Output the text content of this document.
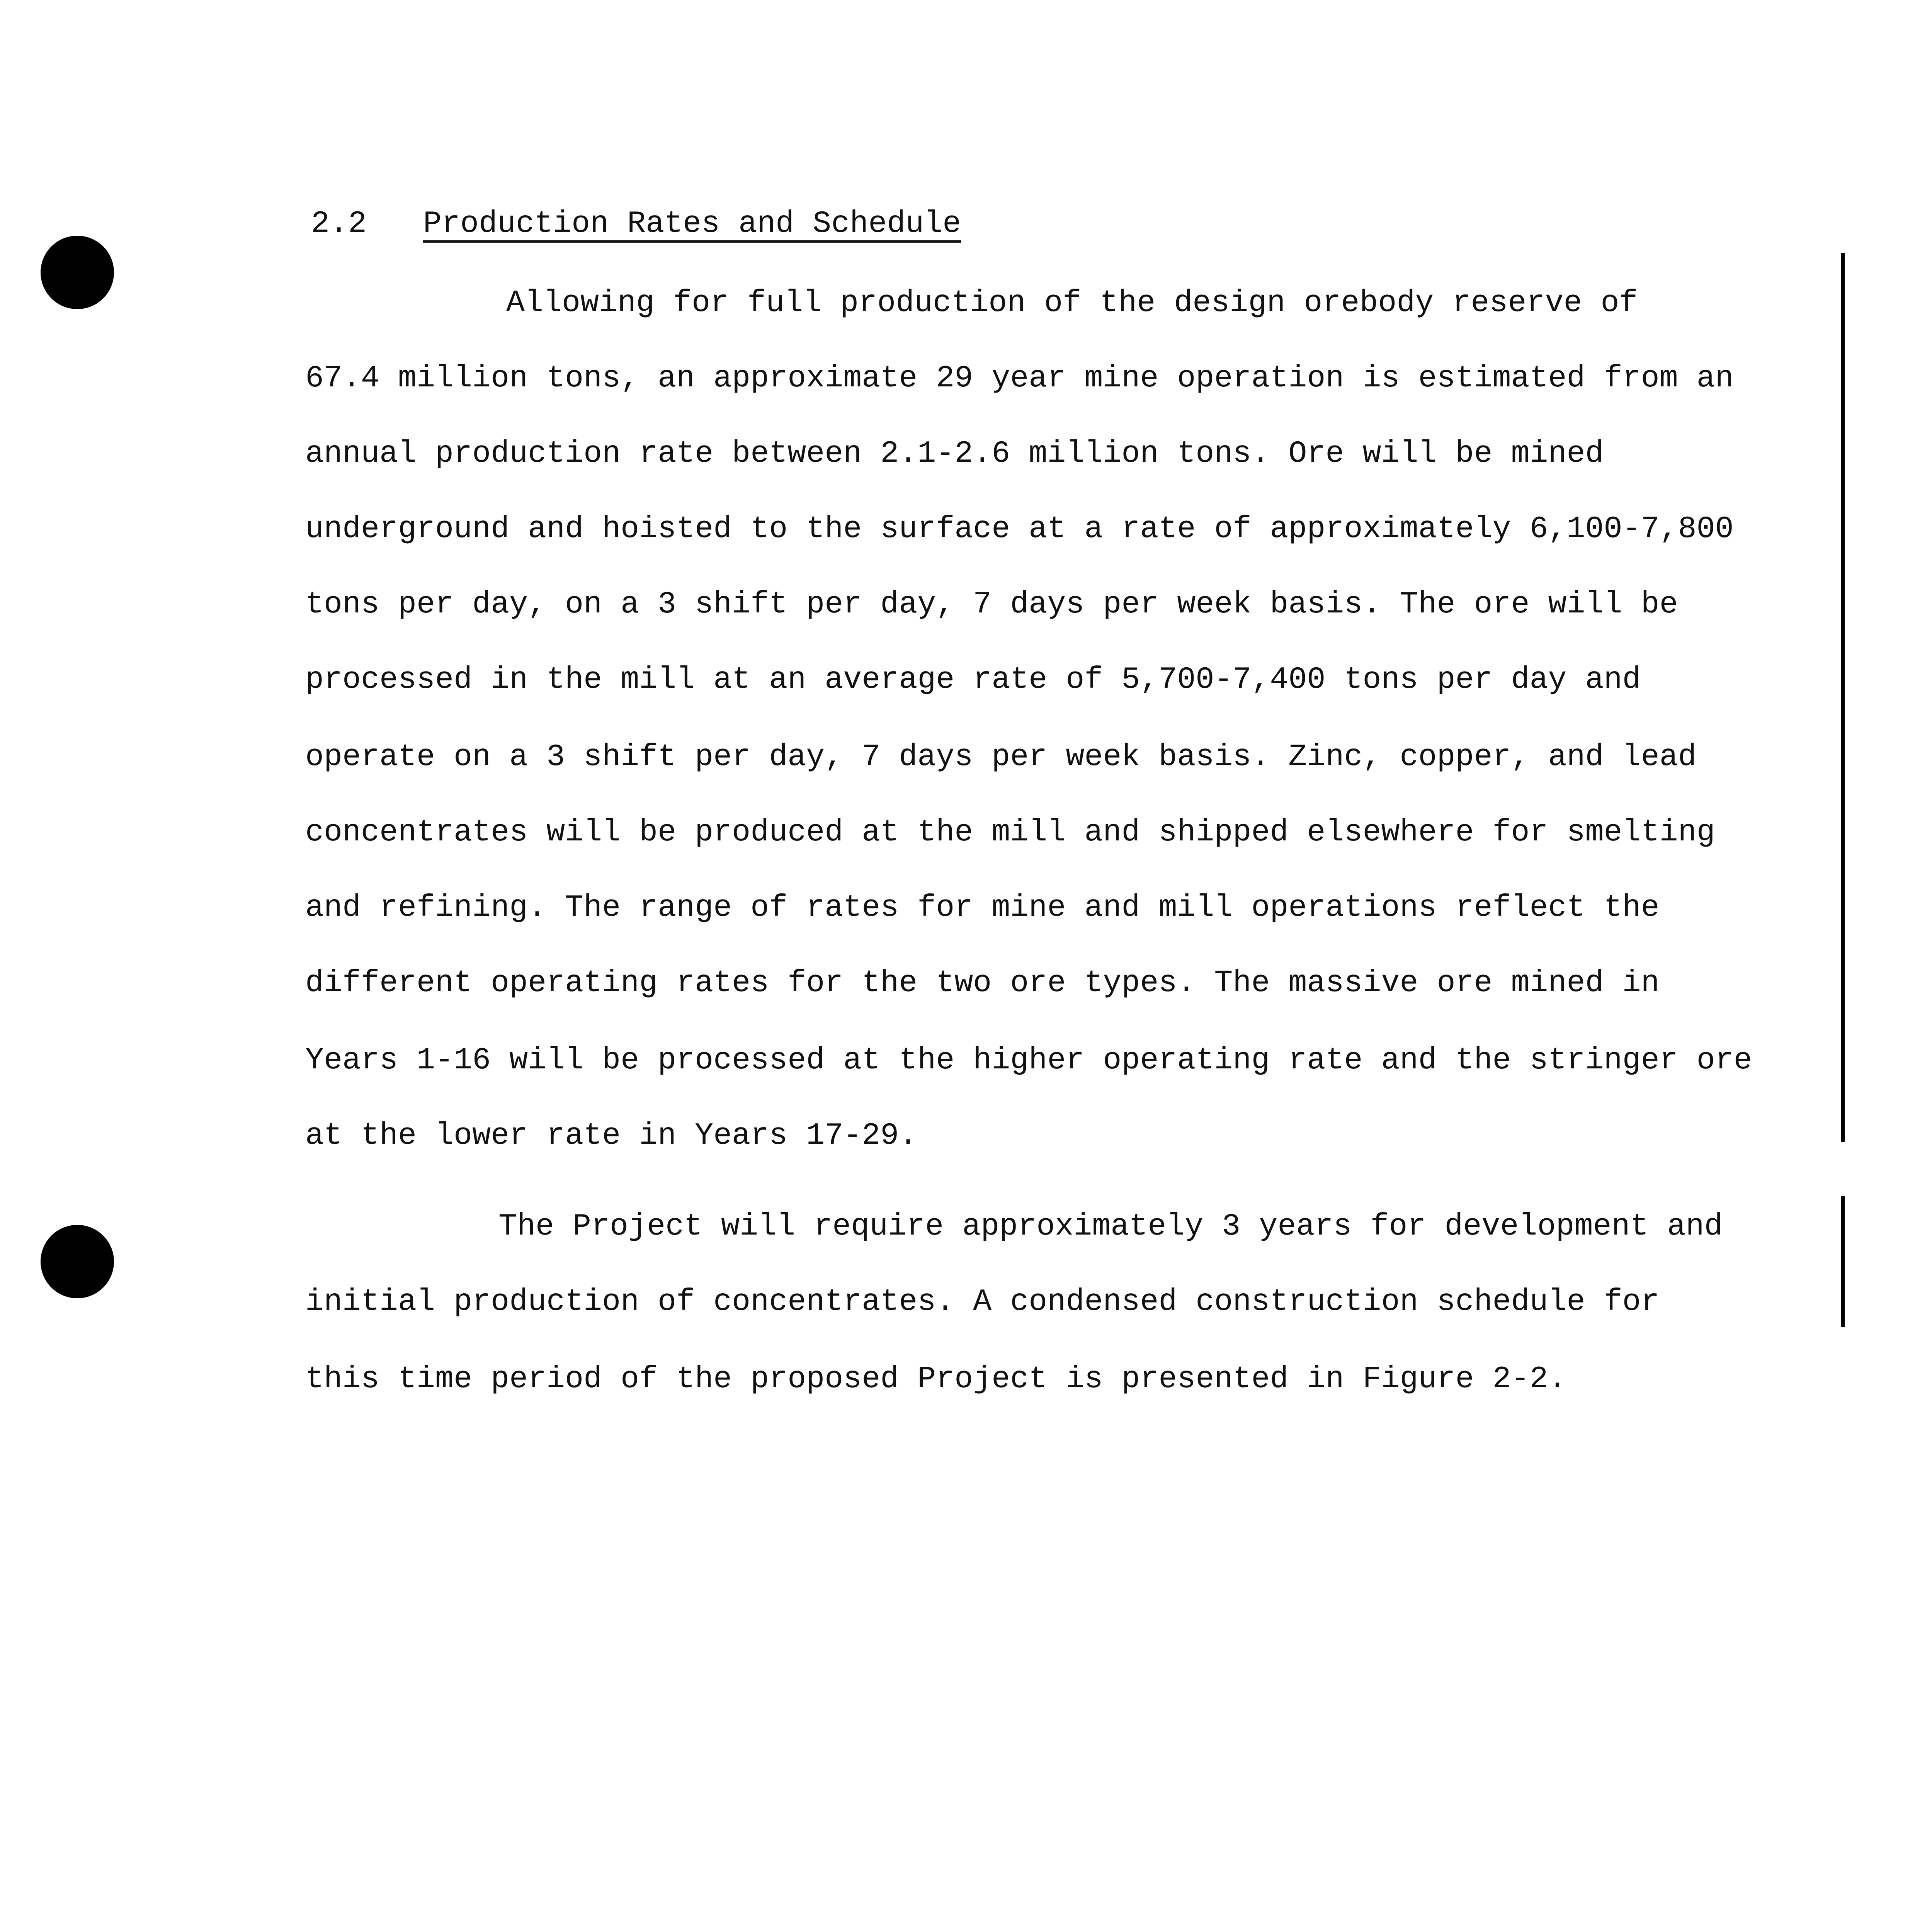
2.2 Production Rates and Schedule
Allowing for full production of the design orebody reserve of
67.4 million tons, an approximate 29 year mine operation is estimated from an
annual production rate between 2.1-2.6 million tons. Ore will be mined
underground and hoisted to the surface at a rate of approximately 6,100-7,800
tons per day, on a 3 shift per day, 7 days per week basis. The ore will be
processed in the mill at an average rate of 5,700-7,400 tons per day and
operate on a 3 shift per day, 7 days per week basis. Zinc, copper, and lead
concentrates will be produced at the mill and shipped elsewhere for smelting
and refining. The range of rates for mine and mill operations reflect the
different operating rates for the two ore types. The massive ore mined in
Years 1-16 will be processed at the higher operating rate and the stringer ore
at the lower rate in Years 17-29.
The Project will require approximately 3 years for development and
initial production of concentrates. A condensed construction schedule for
this time period of the proposed Project is presented in Figure 2-2.
